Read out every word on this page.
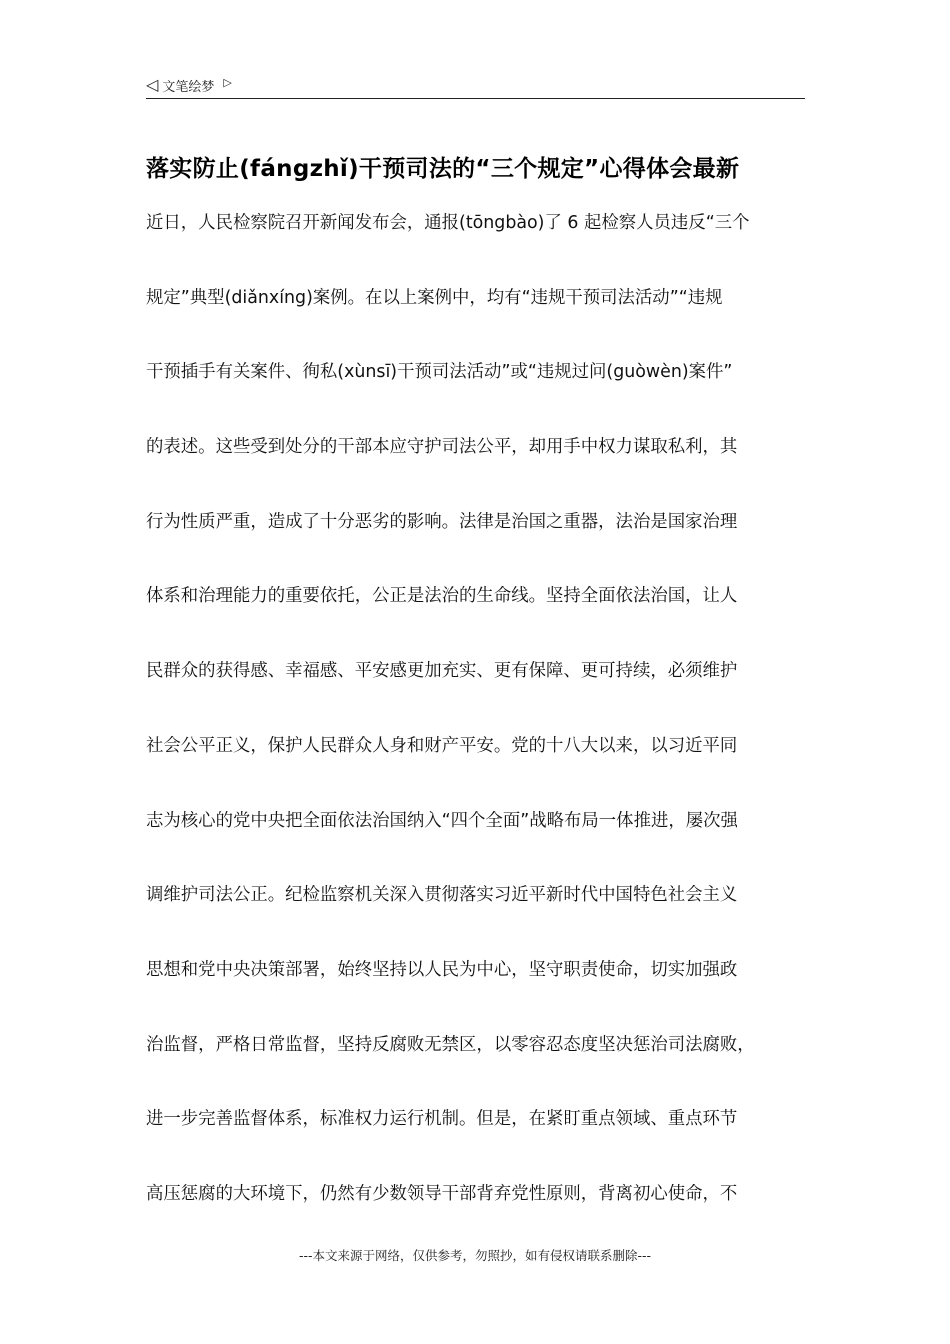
◁ 文笔绘梦 ▷
落实防止(fángzhǐ)干预司法的“三个规定”心得体会最新
近日，人民检察院召开新闻发布会，通报(tōngbào)了 6 起检察人员违反“三个
规定”典型(diǎnxíng)案例。在以上案例中，均有“违规干预司法活动”“违规
干预插手有关案件、徇私(xùnsī)干预司法活动”或“违规过问(guòwèn)案件”
的表述。这些受到处分的干部本应守护司法公平，却用手中权力谋取私利，其
行为性质严重，造成了十分恶劣的影响。法律是治国之重器，法治是国家治理
体系和治理能力的重要依托，公正是法治的生命线。坚持全面依法治国，让人
民群众的获得感、幸福感、平安感更加充实、更有保障、更可持续，必须维护
社会公平正义，保护人民群众人身和财产平安。党的十八大以来，以习近平同
志为核心的党中央把全面依法治国纳入“四个全面”战略布局一体推进，屡次强
调维护司法公正。纪检监察机关深入贯彻落实习近平新时代中国特色社会主义
思想和党中央决策部署，始终坚持以人民为中心，坚守职责使命，切实加强政
治监督，严格日常监督，坚持反腐败无禁区，以零容忍态度坚决惩治司法腐败，
进一步完善监督体系，标准权力运行机制。但是，在紧盯重点领域、重点环节
高压惩腐的大环境下，仍然有少数领导干部背弃党性原则，背离初心使命，不
---本文来源于网络，仅供参考，勿照抄，如有侵权请联系删除---
